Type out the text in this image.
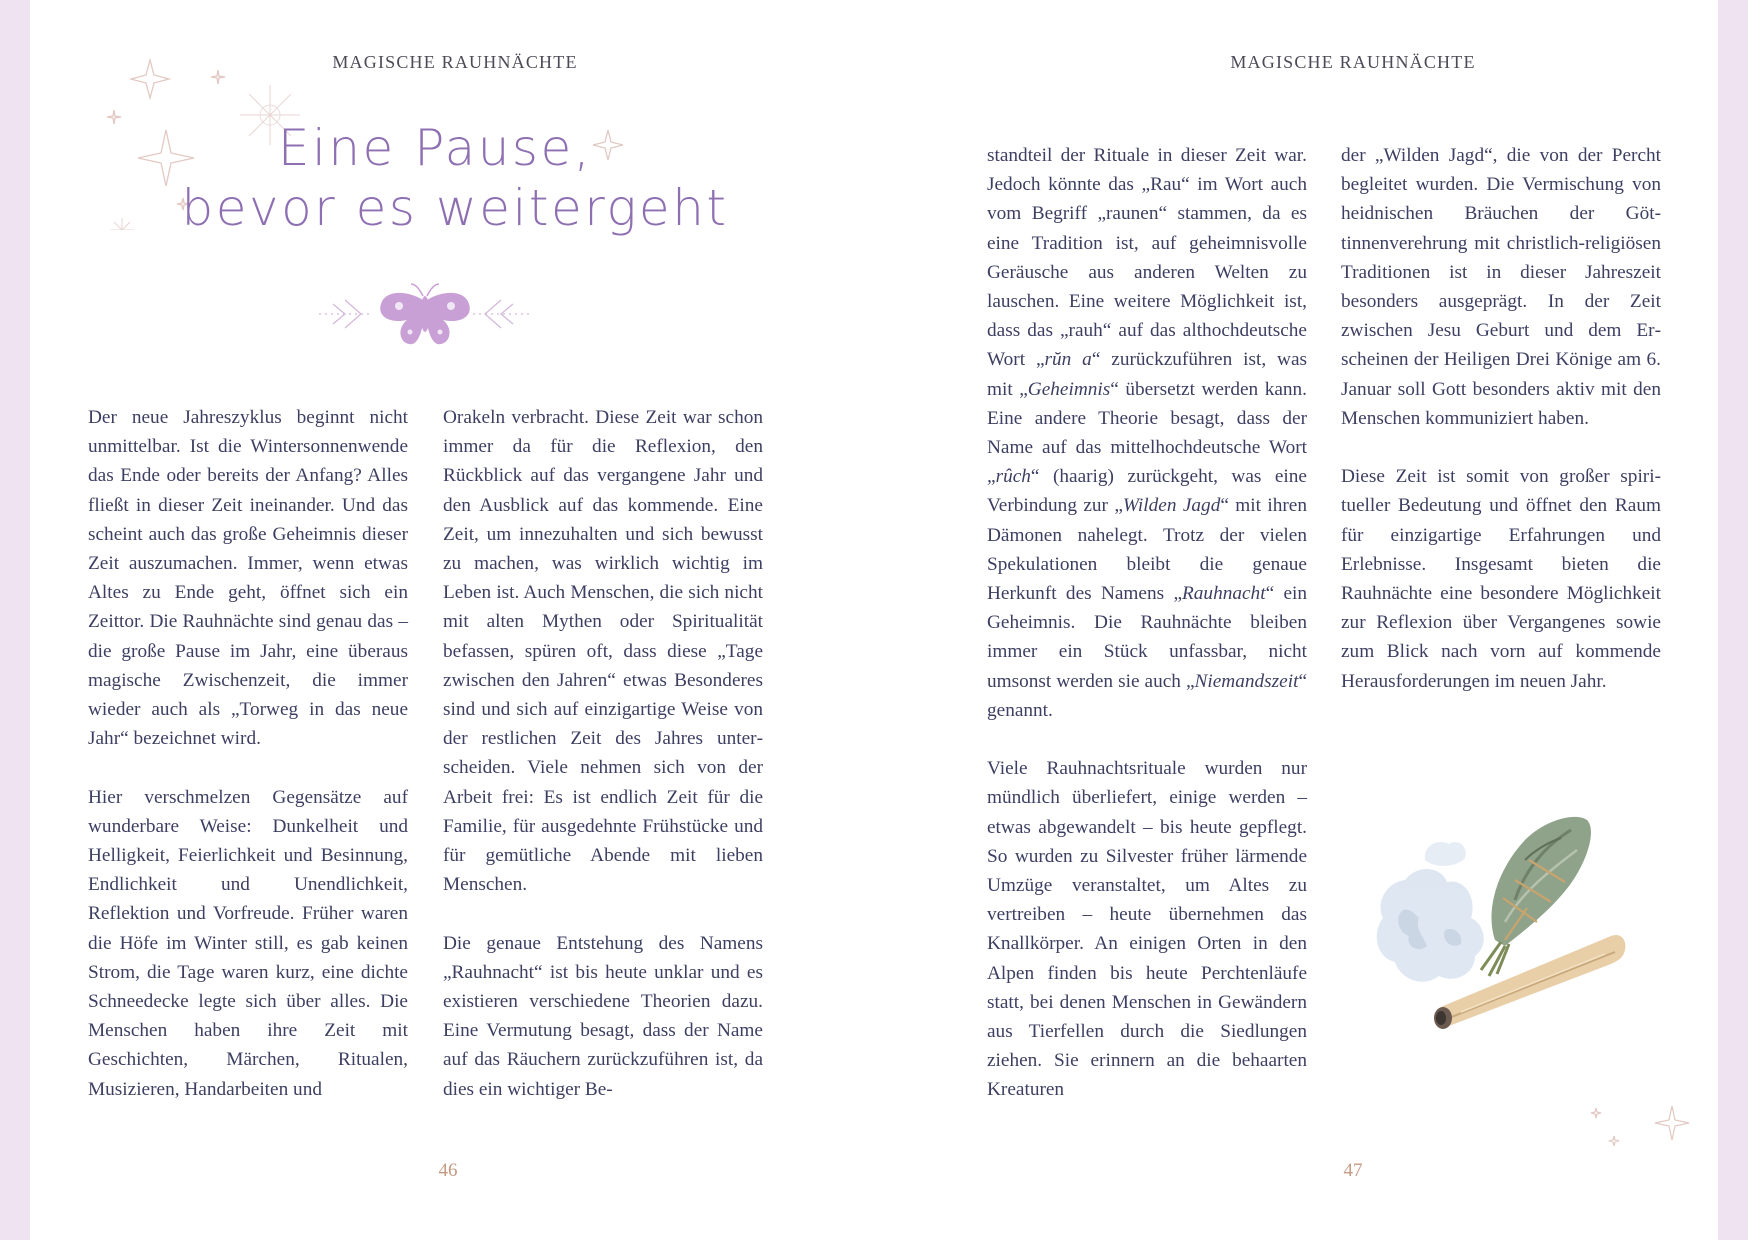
MAGISCHE RAUHNÄCHTE	MAGISCHE RAUHNÄCHTE
Eine Pause,
bevor es weitergeht

Der neue Jahreszyklus beginnt nicht unmittelbar. Ist die Wintersonnenwende das Ende oder bereits der Anfang? Alles fließt in dieser Zeit ineinander. Und das scheint auch das große Geheimnis dieser Zeit auszumachen. Immer, wenn etwas Altes zu Ende geht, öffnet sich ein Zeittor. Die Rauhnächte sind genau das – die große Pause im Jahr, eine überaus magische Zwischenzeit, die immer wieder auch als „Torweg in das neue Jahr“ bezeichnet wird.

Hier verschmelzen Gegensätze auf wunderbare Weise: Dunkelheit und Helligkeit, Feierlichkeit und Besinnung, Endlichkeit und Unendlichkeit, Reflektion und Vorfreude. Früher waren die Höfe im Winter still, es gab keinen Strom, die Tage waren kurz, eine dichte Schneedecke legte sich über alles. Die Menschen haben ihre Zeit mit Geschichten, Märchen, Ritualen, Musizieren, Handarbeiten und

Orakeln verbracht. Diese Zeit war schon immer da für die Reflexion, den Rückblick auf das vergangene Jahr und den Ausblick auf das kommende. Eine Zeit, um innezuhalten und sich bewusst zu machen, was wirklich wichtig im Leben ist. Auch Menschen, die sich nicht mit alten Mythen oder Spiritualität befassen, spüren oft, dass diese „Tage zwischen den Jahren“ etwas Besonderes sind und sich auf einzigartige Weise von der restlichen Zeit des Jahres unterscheiden. Viele nehmen sich von der Arbeit frei: Es ist endlich Zeit für die Familie, für ausgedehnte Frühstücke und für gemütliche Abende mit lieben Menschen.

Die genaue Entstehung des Namens „Rauhnacht“ ist bis heute unklar und es existieren verschiedene Theorien dazu. Eine Vermutung besagt, dass der Name auf das Räuchern zurückzuführen ist, da dies ein wichtiger Be-

standteil der Rituale in dieser Zeit war. Jedoch könnte das „Rau“ im Wort auch vom Begriff „raunen“ stammen, da es eine Tradition ist, auf geheimnisvolle Geräusche aus anderen Welten zu lauschen. Eine weitere Möglichkeit ist, dass das „rauh“ auf das althochdeutsche Wort „rŭn a“ zurückzuführen ist, was mit „Geheimnis“ übersetzt werden kann. Eine andere Theorie besagt, dass der Name auf das mittelhochdeutsche Wort „rûch“ (haarig) zurückgeht, was eine Verbindung zur „Wilden Jagd“ mit ihren Dämonen nahelegt. Trotz der vielen Spekulationen bleibt die genaue Herkunft des Namens „Rauhnacht“ ein Geheimnis. Die Rauhnächte bleiben immer ein Stück unfassbar, nicht umsonst werden sie auch „Niemandszeit“ genannt.

Viele Rauhnachtsrituale wurden nur mündlich überliefert, einige werden – etwas abgewandelt – bis heute gepflegt. So wurden zu Silvester früher lärmende Umzüge veranstaltet, um Altes zu vertreiben – heute übernehmen das Knallkörper. An einigen Orten in den Alpen finden bis heute Perchtenläufe statt, bei denen Menschen in Gewändern aus Tierfellen durch die Siedlungen ziehen. Sie erinnern an die behaarten Kreaturen

der „Wilden Jagd“, die von der Percht begleitet wurden. Die Vermischung von heidnischen Bräuchen der Göttinnenverehrung mit christlich-religiösen Traditionen ist in dieser Jahreszeit besonders ausgeprägt. In der Zeit zwischen Jesu Geburt und dem Erscheinen der Heiligen Drei Könige am 6. Januar soll Gott besonders aktiv mit den Menschen kommuniziert haben.

Diese Zeit ist somit von großer spiritueller Bedeutung und öffnet den Raum für einzigartige Erfahrungen und Erlebnisse. Insgesamt bieten die Rauhnächte eine besondere Möglichkeit zur Reflexion über Vergangenes sowie zum Blick nach vorn auf kommende Herausforderungen im neuen Jahr.

46	47
